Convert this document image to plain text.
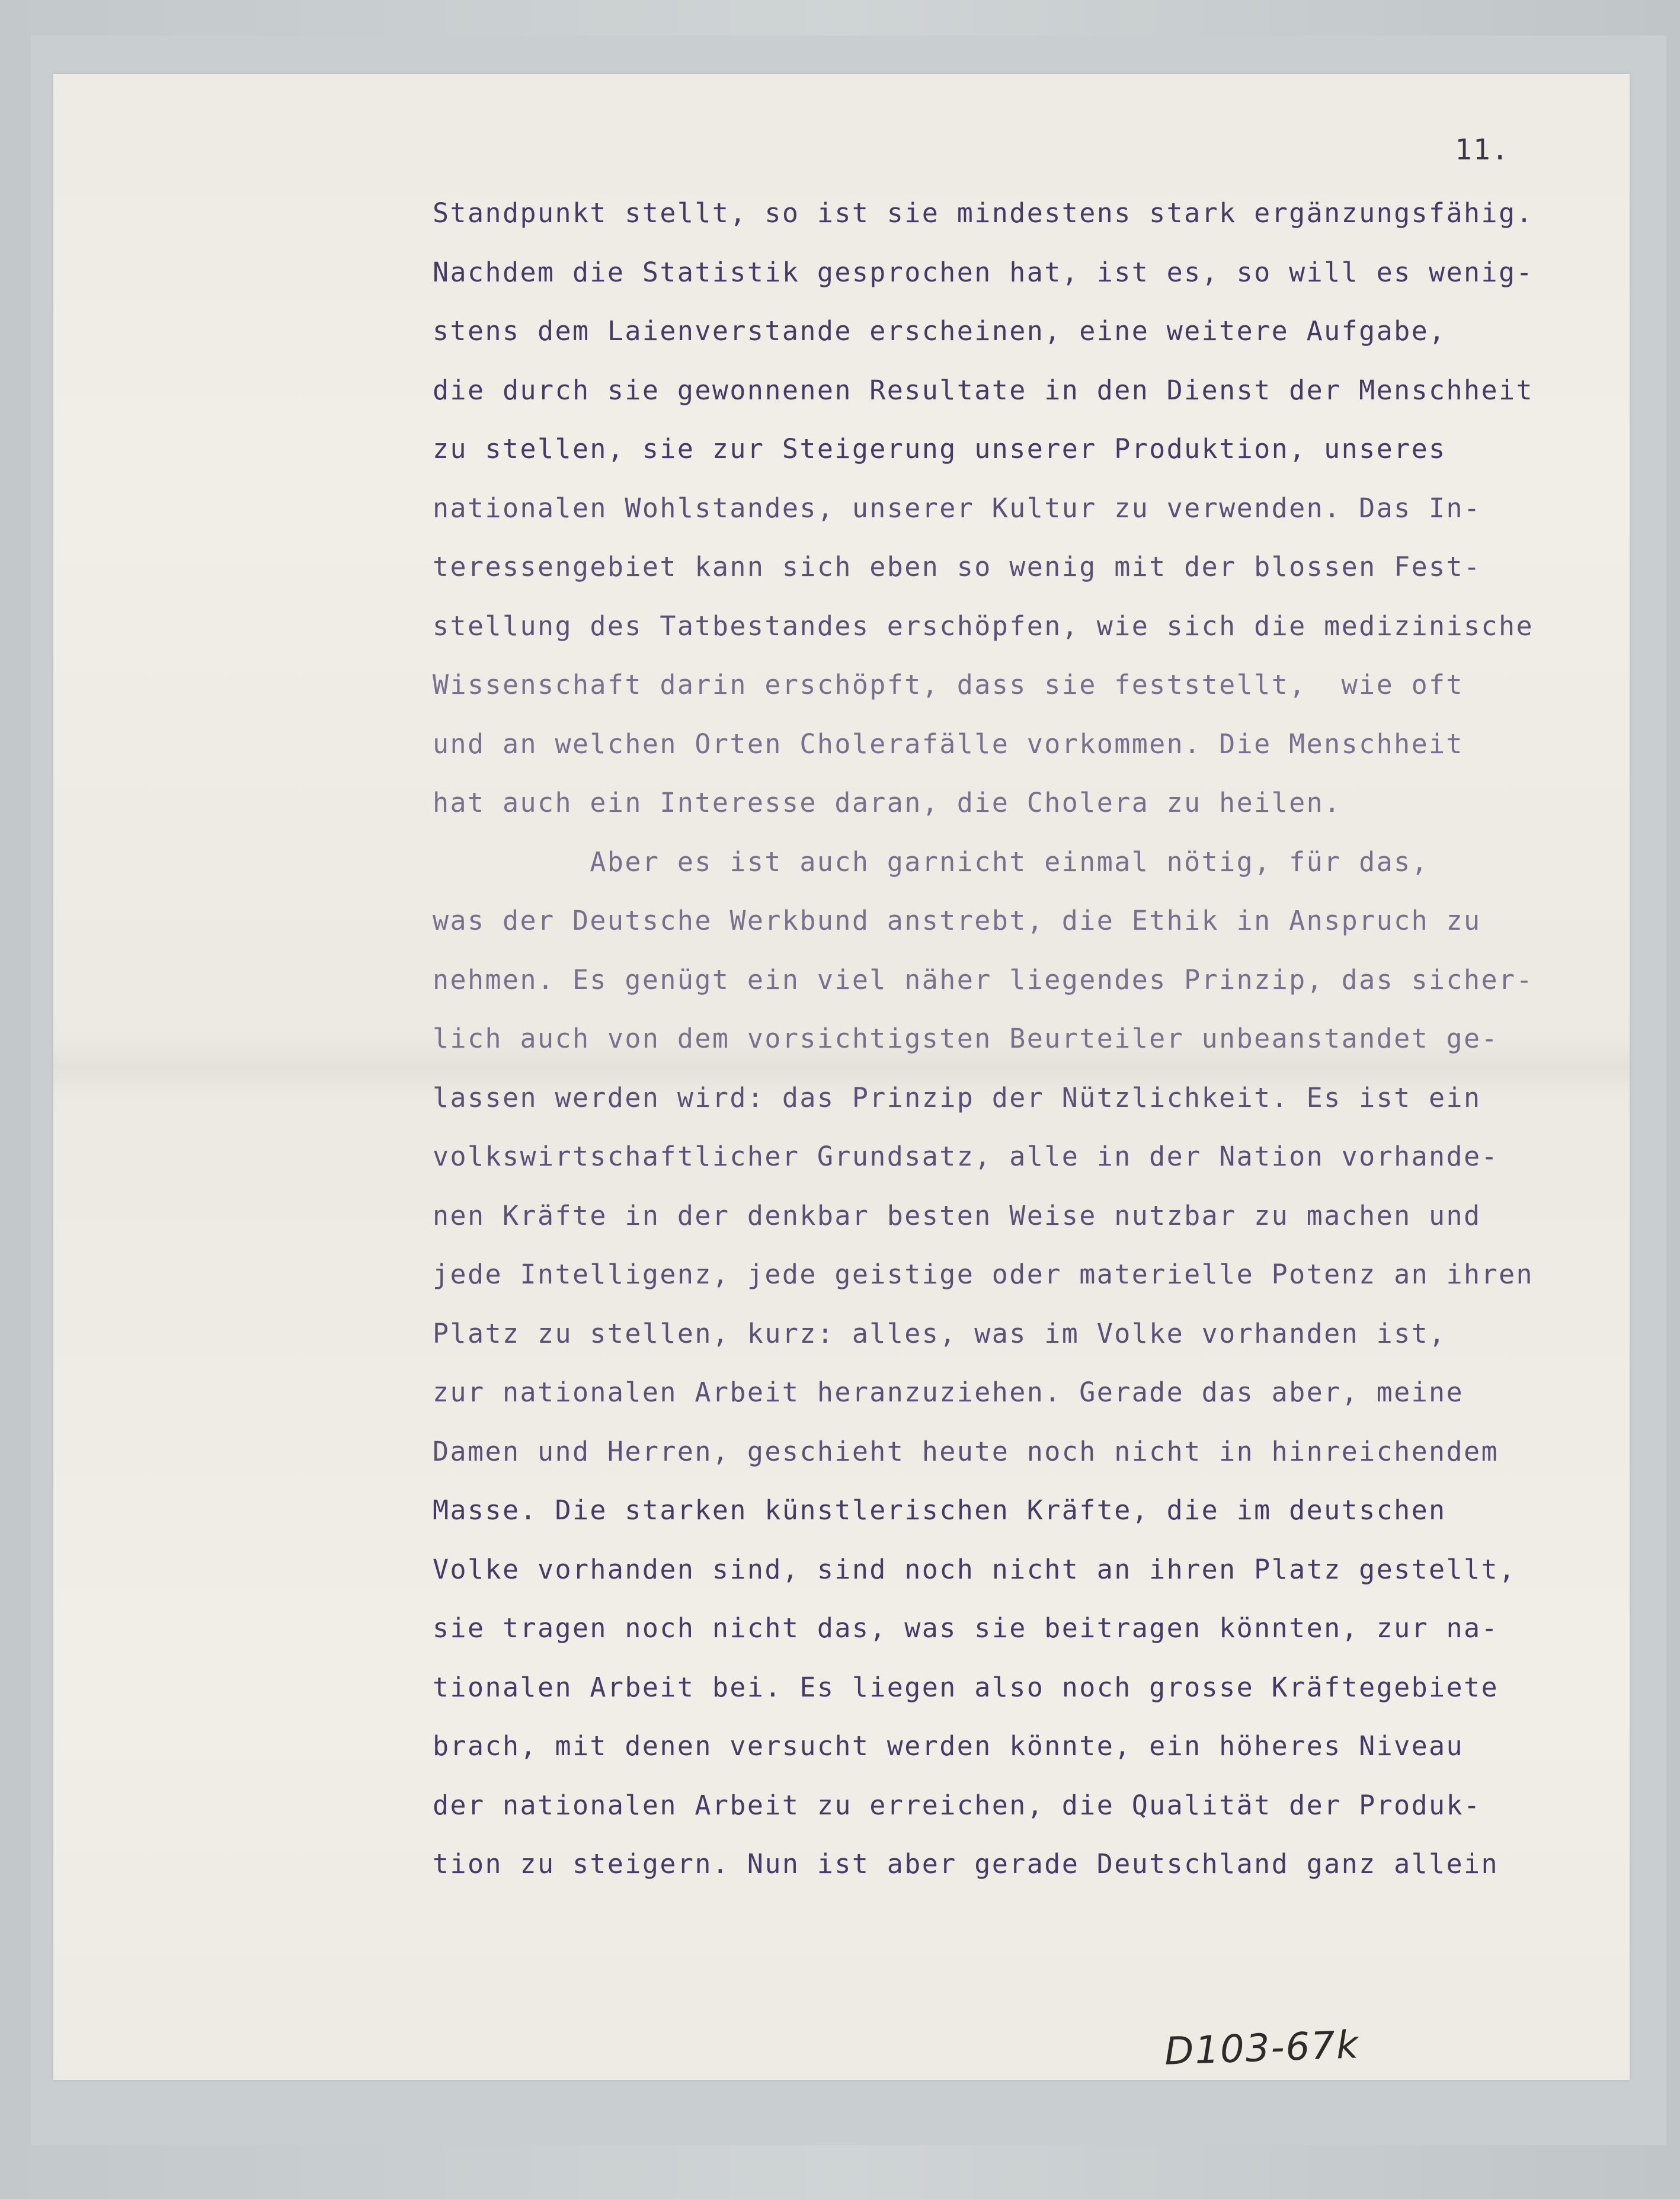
11.
Standpunkt stellt, so ist sie mindestens stark ergänzungsfähig.
Nachdem die Statistik gesprochen hat, ist es, so will es wenig-
stens dem Laienverstande erscheinen, eine weitere Aufgabe,
die durch sie gewonnenen Resultate in den Dienst der Menschheit
zu stellen, sie zur Steigerung unserer Produktion, unseres
nationalen Wohlstandes, unserer Kultur zu verwenden. Das In-
teressengebiet kann sich eben so wenig mit der blossen Fest-
stellung des Tatbestandes erschöpfen, wie sich die medizinische
Wissenschaft darin erschöpft, dass sie feststellt,  wie oft
und an welchen Orten Cholerafälle vorkommen. Die Menschheit
hat auch ein Interesse daran, die Cholera zu heilen.
Aber es ist auch garnicht einmal nötig, für das,
was der Deutsche Werkbund anstrebt, die Ethik in Anspruch zu
nehmen. Es genügt ein viel näher liegendes Prinzip, das sicher-
lich auch von dem vorsichtigsten Beurteiler unbeanstandet ge-
lassen werden wird: das Prinzip der Nützlichkeit. Es ist ein
volkswirtschaftlicher Grundsatz, alle in der Nation vorhande-
nen Kräfte in der denkbar besten Weise nutzbar zu machen und
jede Intelligenz, jede geistige oder materielle Potenz an ihren
Platz zu stellen, kurz: alles, was im Volke vorhanden ist,
zur nationalen Arbeit heranzuziehen. Gerade das aber, meine
Damen und Herren, geschieht heute noch nicht in hinreichendem
Masse. Die starken künstlerischen Kräfte, die im deutschen
Volke vorhanden sind, sind noch nicht an ihren Platz gestellt,
sie tragen noch nicht das, was sie beitragen könnten, zur na-
tionalen Arbeit bei. Es liegen also noch grosse Kräftegebiete
brach, mit denen versucht werden könnte, ein höheres Niveau
der nationalen Arbeit zu erreichen, die Qualität der Produk-
tion zu steigern. Nun ist aber gerade Deutschland ganz allein
D103-67k
